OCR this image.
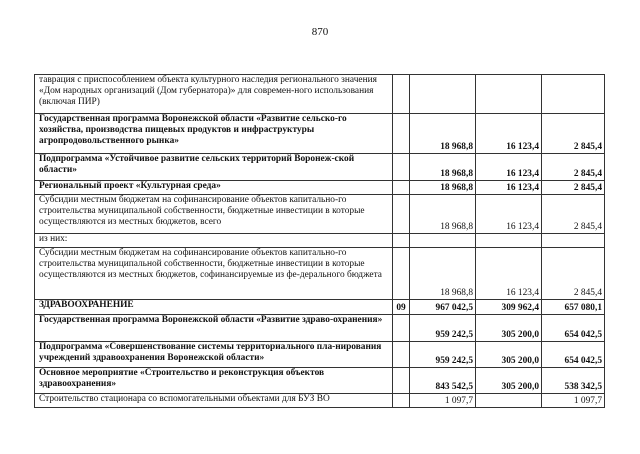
870
таврация с приспособлением объекта культурного наследия регионального значения «Дом народных организаций (Дом губернатора)» для современ-ного использования (включая ПИР)				
Государственная программа Воронежской области «Развитие сельско-го хозяйства, производства пищевых продуктов и инфраструктуры агропродовольственного рынка»		18 968,8	16 123,4	2 845,4
Подпрограмма «Устойчивое развитие сельских территорий Воронеж-ской области»		18 968,8	16 123,4	2 845,4
Региональный проект «Культурная среда»		18 968,8	16 123,4	2 845,4
Субсидии местным бюджетам на софинансирование объектов капитально-го строительства муниципальной собственности, бюджетные инвестиции в которые осуществляются из местных бюджетов, всего		18 968,8	16 123,4	2 845,4
из них:				
Субсидии местным бюджетам на софинансирование объектов капитально-го строительства муниципальной собственности, бюджетные инвестиции в которые осуществляются из местных бюджетов, софинансируемые из фе-дерального бюджета		18 968,8	16 123,4	2 845,4
ЗДРАВООХРАНЕНИЕ	09	967 042,5	309 962,4	657 080,1
Государственная программа Воронежской области «Развитие здраво-охранения»		959 242,5	305 200,0	654 042,5
Подпрограмма «Совершенствование системы территориального пла-нирования учреждений здравоохранения Воронежской области»		959 242,5	305 200,0	654 042,5
Основное мероприятие «Строительство и реконструкция объектов здравоохранения»		843 542,5	305 200,0	538 342,5
Строительство стационара со вспомогательными объектами для БУЗ ВО		1 097,7		1 097,7
